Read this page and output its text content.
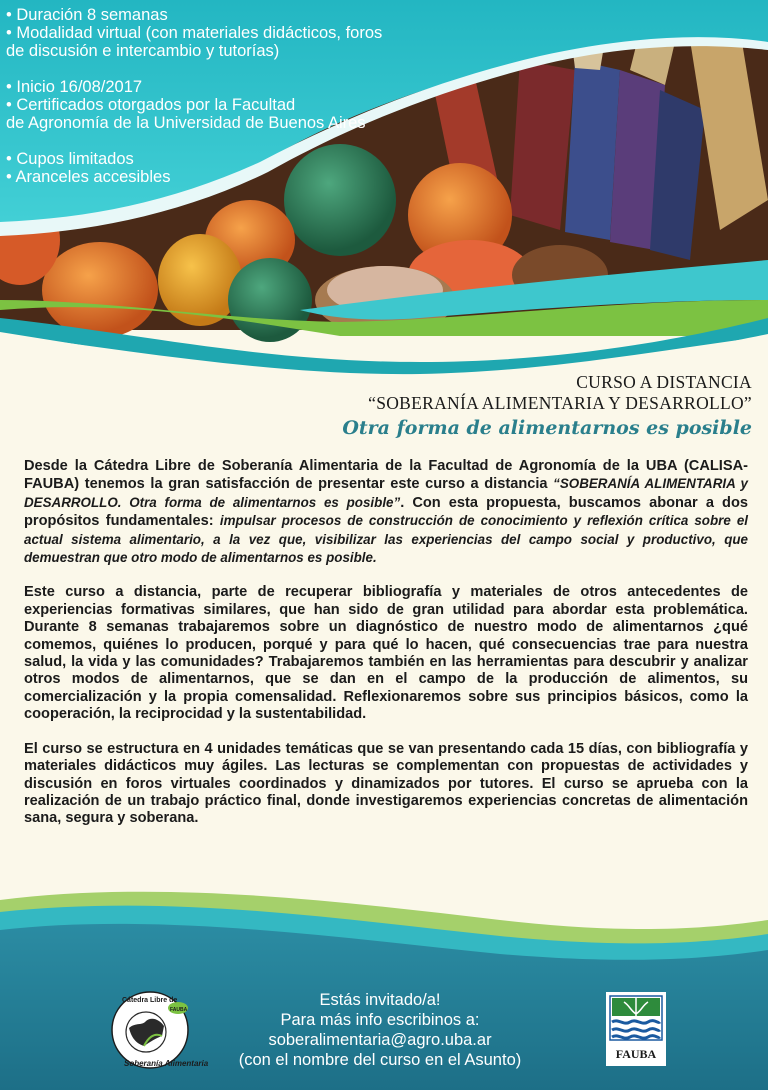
• Duración 8 semanas
• Modalidad virtual (con materiales didácticos, foros
de discusión e intercambio y tutorías)
• Inicio 16/08/2017
• Certificados otorgados por la Facultad
de Agronomía de la Universidad de Buenos Aires
• Cupos limitados
• Aranceles accesibles
CURSO A DISTANCIA
“SOBERANÍA ALIMENTARIA Y DESARROLLO”
Otra forma de alimentarnos es posible

Desde la Cátedra Libre de Soberanía Alimentaria de la Facultad de Agronomía de la UBA (CALISA-FAUBA) tenemos la gran satisfacción de presentar este curso a distancia “SOBERANÍA ALIMENTARIA y DESARROLLO. Otra forma de alimentarnos es posible”. Con esta propuesta, buscamos abonar a dos propósitos fundamentales: impulsar procesos de construcción de conocimiento y reflexión crítica sobre el actual sistema alimentario, a la vez que, visibilizar las experiencias del campo social y productivo, que demuestran que otro modo de alimentarnos es posible.

Este curso a distancia, parte de recuperar bibliografía y materiales de otros antecedentes de experiencias formativas similares, que han sido de gran utilidad para abordar esta problemática. Durante 8 semanas trabajaremos sobre un diagnóstico de nuestro modo de alimentarnos ¿qué comemos, quiénes lo producen, porqué y para qué lo hacen, qué consecuencias trae para nuestra salud, la vida y las comunidades? Trabajaremos también en las herramientas para descubrir y analizar otros modos de alimentarnos, que se dan en el campo de la producción de alimentos, su comercialización y la propia comensalidad. Reflexionaremos sobre sus principios básicos, como la cooperación, la reciprocidad y la sustentabilidad.

El curso se estructura en 4 unidades temáticas que se van presentando cada 15 días, con bibliografía y materiales didácticos muy ágiles. Las lecturas se complementan con propuestas de actividades y discusión en foros virtuales coordinados y dinamizados por tutores. El curso se aprueba con la realización de un trabajo práctico final, donde investigaremos experiencias concretas de alimentación sana, segura y soberana.

Cátedra Libre de
Soberanía Alimentaria
FAUBA
Estás invitado/a!
Para más info escribinos a:
soberalimentaria@agro.uba.ar
(con el nombre del curso en el Asunto)	FAUBA
